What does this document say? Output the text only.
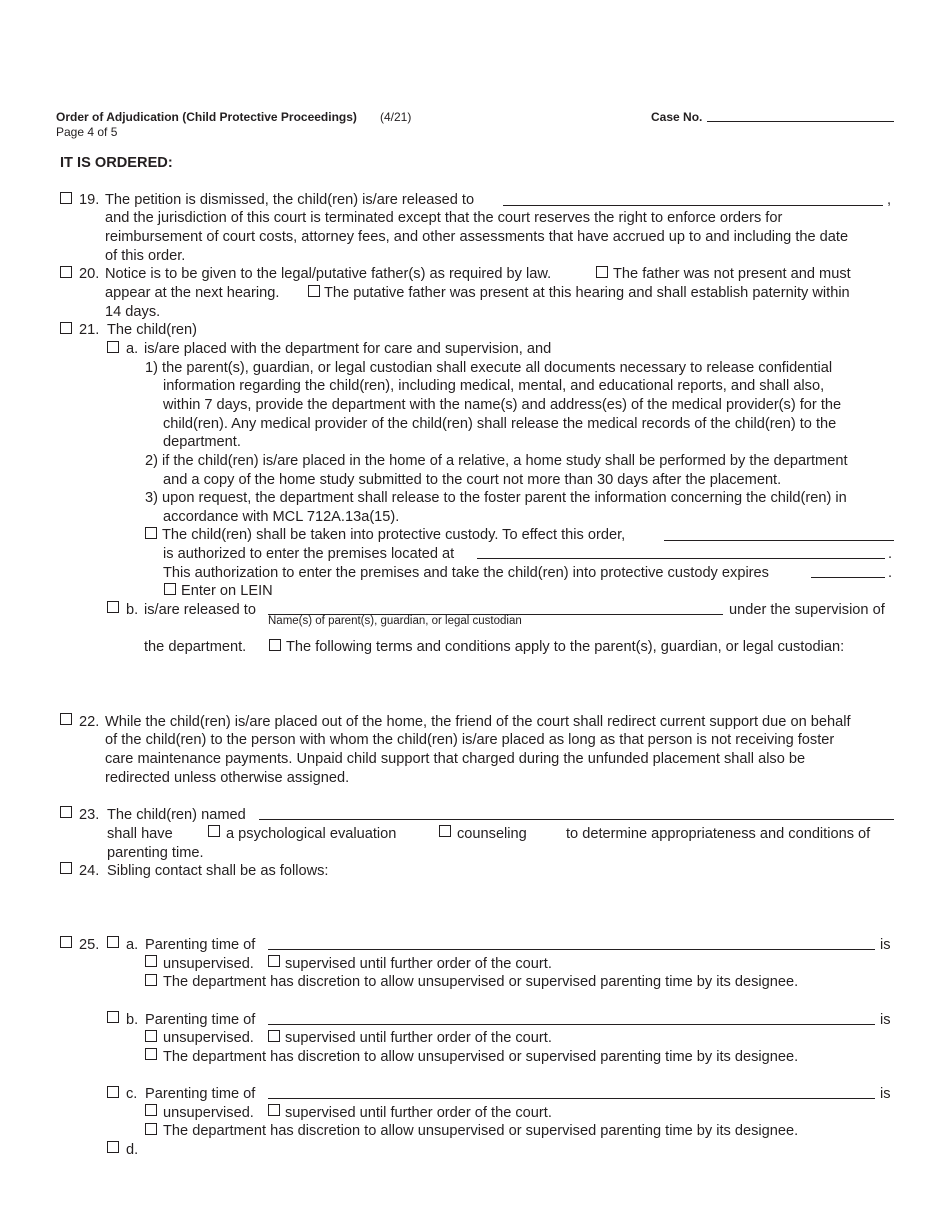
Order of Adjudication (Child Protective Proceedings) (4/21)
Page 4 of 5
Case No.
IT IS ORDERED:
19. The petition is dismissed, the child(ren) is/are released to	,
and the jurisdiction of this court is terminated except that the court reserves the right to enforce orders for
reimbursement of court costs, attorney fees, and other assessments that have accrued up to and including the date
of this order.
20. Notice is to be given to the legal/putative father(s) as required by law.	The father was not present and must
appear at the next hearing.	The putative father was present at this hearing and shall establish paternity within
14 days.
21. The child(ren)
a. is/are placed with the department for care and supervision, and
1) the parent(s), guardian, or legal custodian shall execute all documents necessary to release confidential
information regarding the child(ren), including medical, mental, and educational reports, and shall also,
within 7 days, provide the department with the name(s) and address(es) of the medical provider(s) for the
child(ren). Any medical provider of the child(ren) shall release the medical records of the child(ren) to the
department.
2) if the child(ren) is/are placed in the home of a relative, a home study shall be performed by the department
and a copy of the home study submitted to the court not more than 30 days after the placement.
3) upon request, the department shall release to the foster parent the information concerning the child(ren) in
accordance with MCL 712A.13a(15).
The child(ren) shall be taken into protective custody. To effect this order,
is authorized to enter the premises located at	.
This authorization to enter the premises and take the child(ren) into protective custody expires	.
Enter on LEIN
b. is/are released to
Name(s) of parent(s), guardian, or legal custodian
under the supervision of
the department.	The following terms and conditions apply to the parent(s), guardian, or legal custodian:
22. While the child(ren) is/are placed out of the home, the friend of the court shall redirect current support due on behalf
of the child(ren) to the person with whom the child(ren) is/are placed as long as that person is not receiving foster
care maintenance payments. Unpaid child support that charged during the unfunded placement shall also be
redirected unless otherwise assigned.
23. The child(ren) named
shall have	a psychological evaluation	counseling	to determine appropriateness and conditions of
parenting time.
24. Sibling contact shall be as follows:
25. a. Parenting time of	is
unsupervised. supervised until further order of the court.
The department has discretion to allow unsupervised or supervised parenting time by its designee.
b. Parenting time of	is
unsupervised. supervised until further order of the court.
The department has discretion to allow unsupervised or supervised parenting time by its designee.
c. Parenting time of	is
unsupervised. supervised until further order of the court.
The department has discretion to allow unsupervised or supervised parenting time by its designee.
d.
